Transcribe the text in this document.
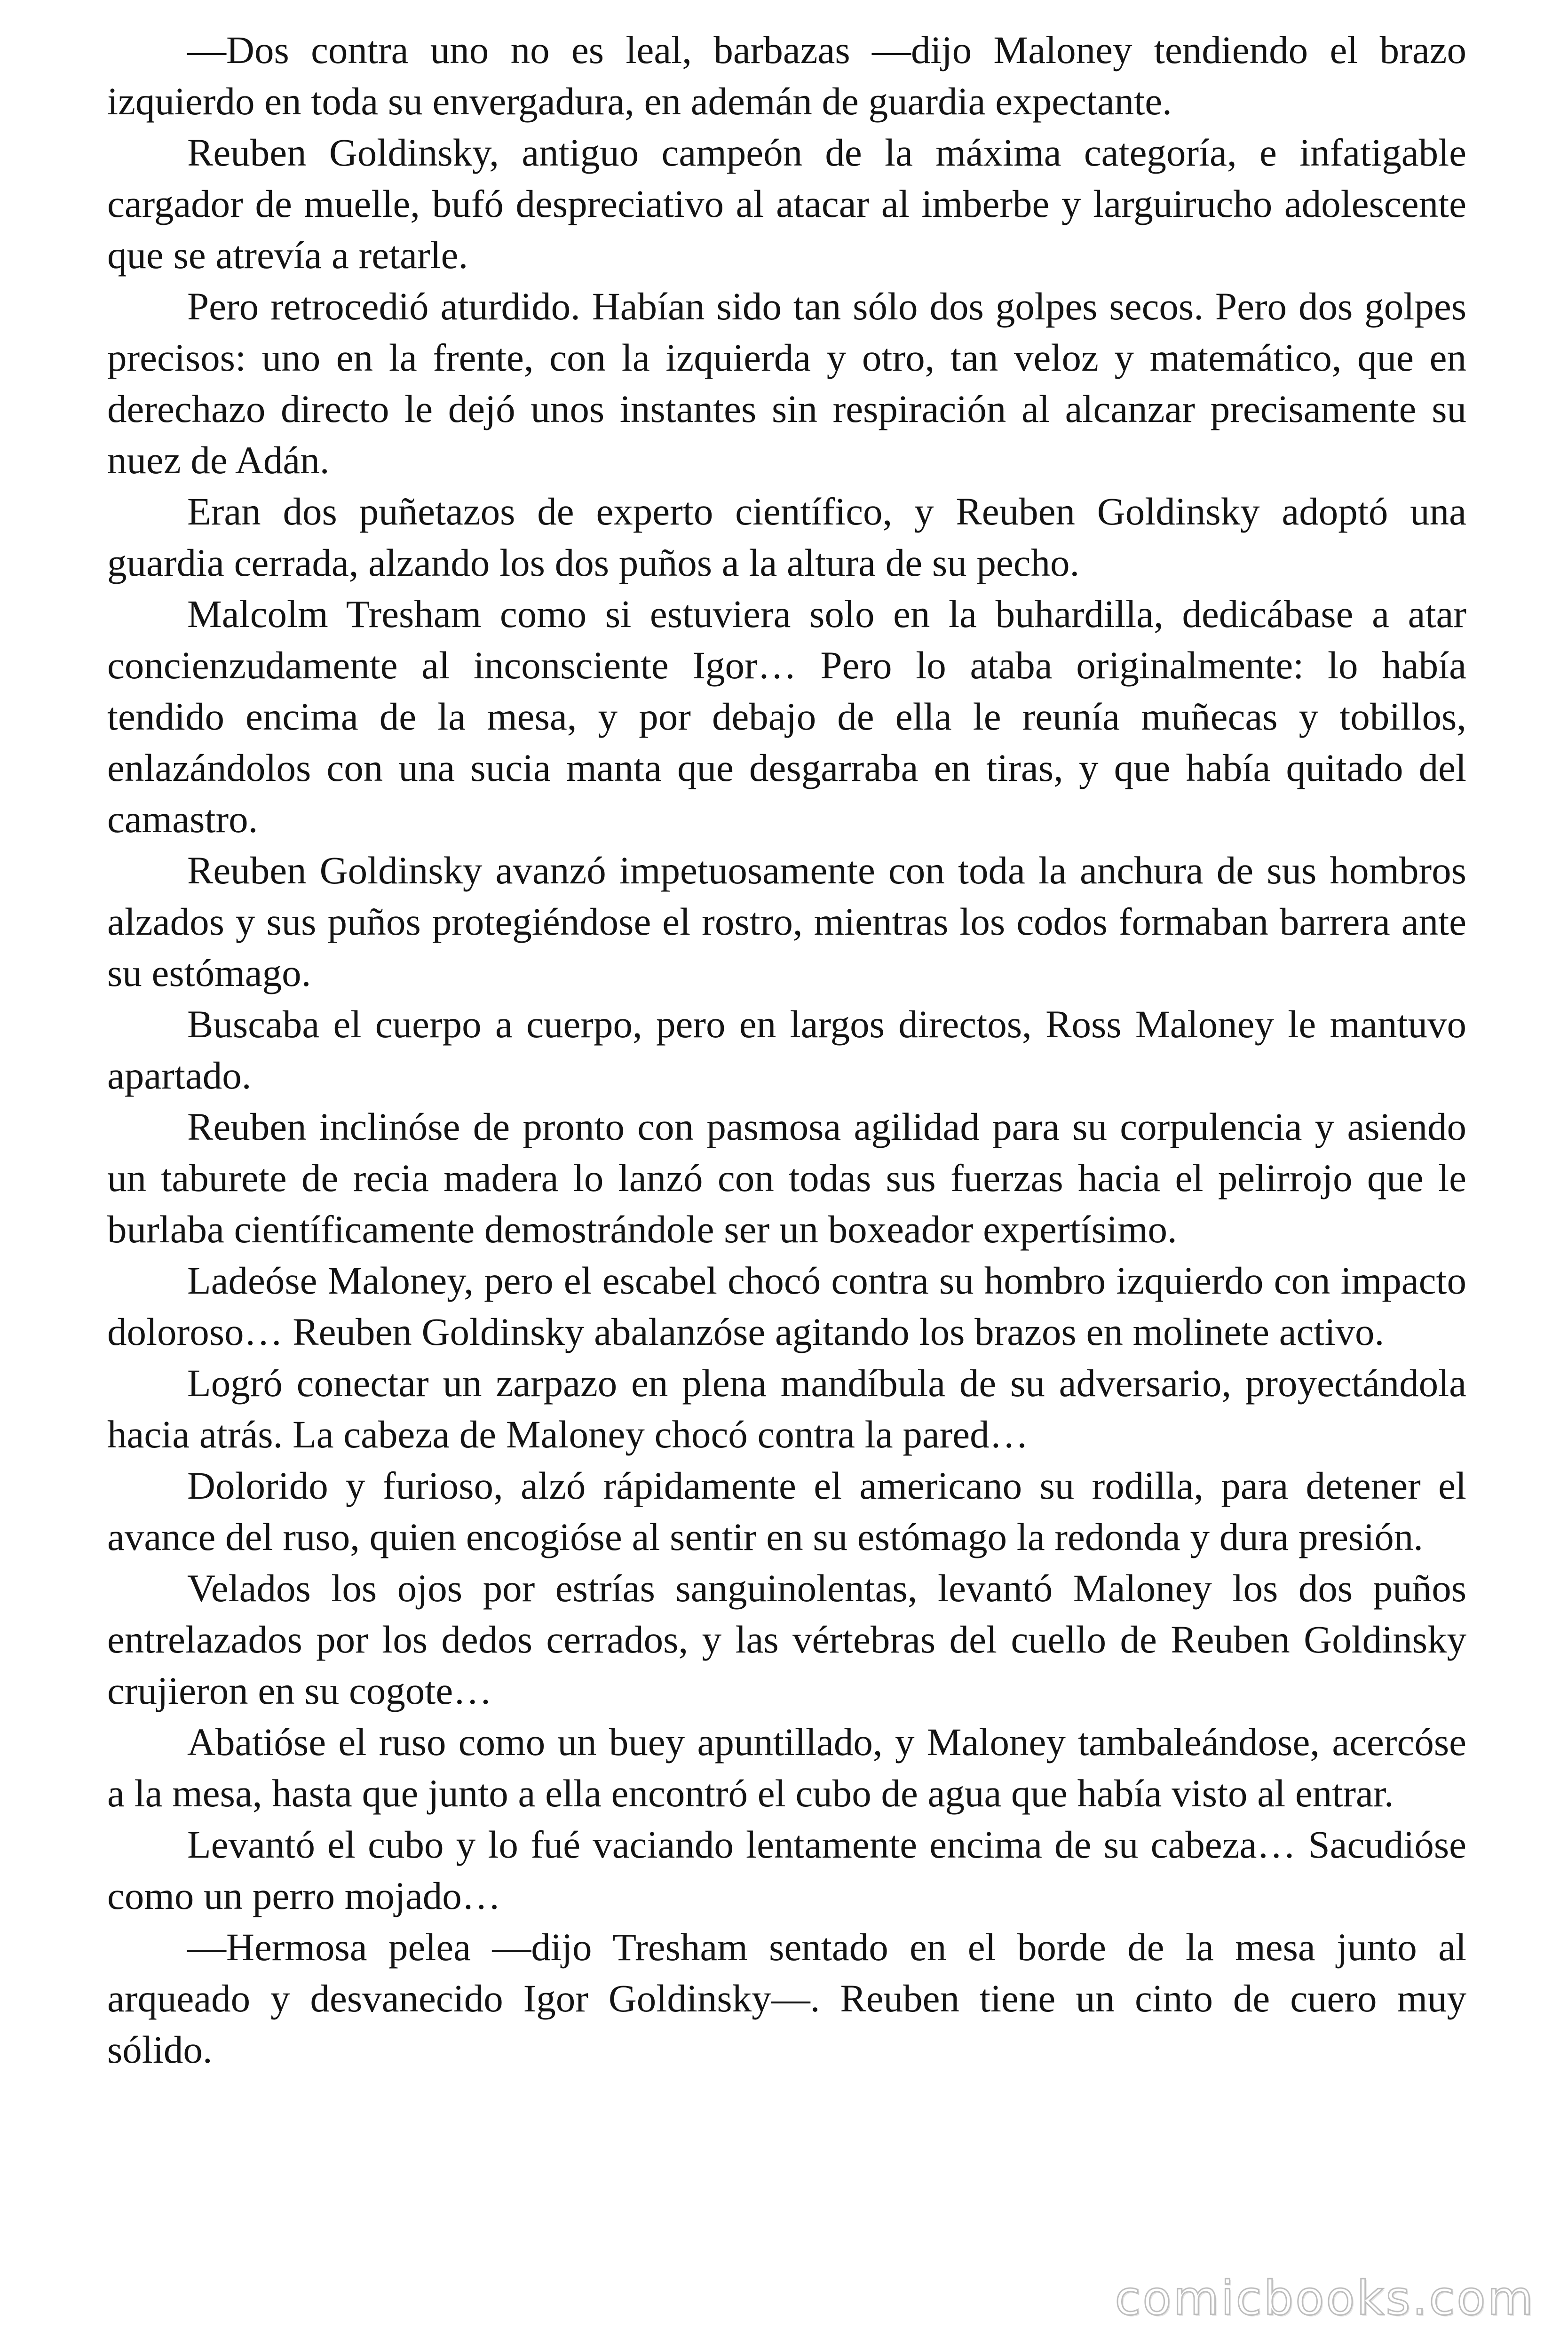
—Dos contra uno no es leal, barbazas —dijo Maloney tendiendo el brazo izquierdo en toda su envergadura, en ademán de guardia expectante.

Reuben Goldinsky, antiguo campeón de la máxima categoría, e infatigable cargador de muelle, bufó despreciativo al atacar al imberbe y larguirucho adolescente que se atrevía a retarle.

Pero retrocedió aturdido. Habían sido tan sólo dos golpes secos. Pero dos golpes precisos: uno en la frente, con la izquierda y otro, tan veloz y matemático, que en derechazo directo le dejó unos instantes sin respiración al alcanzar precisamente su nuez de Adán.

Eran dos puñetazos de experto científico, y Reuben Goldinsky adoptó una guardia cerrada, alzando los dos puños a la altura de su pecho.

Malcolm Tresham como si estuviera solo en la buhardilla, dedicábase a atar concienzudamente al inconsciente Igor… Pero lo ataba originalmente: lo había tendido encima de la mesa, y por debajo de ella le reunía muñecas y tobillos, enlazándolos con una sucia manta que desgarraba en tiras, y que había quitado del camastro.

Reuben Goldinsky avanzó impetuosamente con toda la anchura de sus hombros alzados y sus puños protegiéndose el rostro, mientras los codos formaban barrera ante su estómago.

Buscaba el cuerpo a cuerpo, pero en largos directos, Ross Maloney le mantuvo apartado.

Reuben inclinóse de pronto con pasmosa agilidad para su corpulencia y asiendo un taburete de recia madera lo lanzó con todas sus fuerzas hacia el pelirrojo que le burlaba científicamente demostrándole ser un boxeador expertísimo.

Ladeóse Maloney, pero el escabel chocó contra su hombro izquierdo con impacto doloroso… Reuben Goldinsky abalanzóse agitando los brazos en molinete activo.

Logró conectar un zarpazo en plena mandíbula de su adversario, proyectándola hacia atrás. La cabeza de Maloney chocó contra la pared…

Dolorido y furioso, alzó rápidamente el americano su rodilla, para detener el avance del ruso, quien encogióse al sentir en su estómago la redonda y dura presión.

Velados los ojos por estrías sanguinolentas, levantó Maloney los dos puños entrelazados por los dedos cerrados, y las vértebras del cuello de Reuben Goldinsky crujieron en su cogote…

Abatióse el ruso como un buey apuntillado, y Maloney tambaleándose, acercóse a la mesa, hasta que junto a ella encontró el cubo de agua que había visto al entrar.

Levantó el cubo y lo fué vaciando lentamente encima de su cabeza… Sacudióse como un perro mojado…

—Hermosa pelea —dijo Tresham sentado en el borde de la mesa junto al arqueado y desvanecido Igor Goldinsky—. Reuben tiene un cinto de cuero muy sólido.

comicbooks.com
